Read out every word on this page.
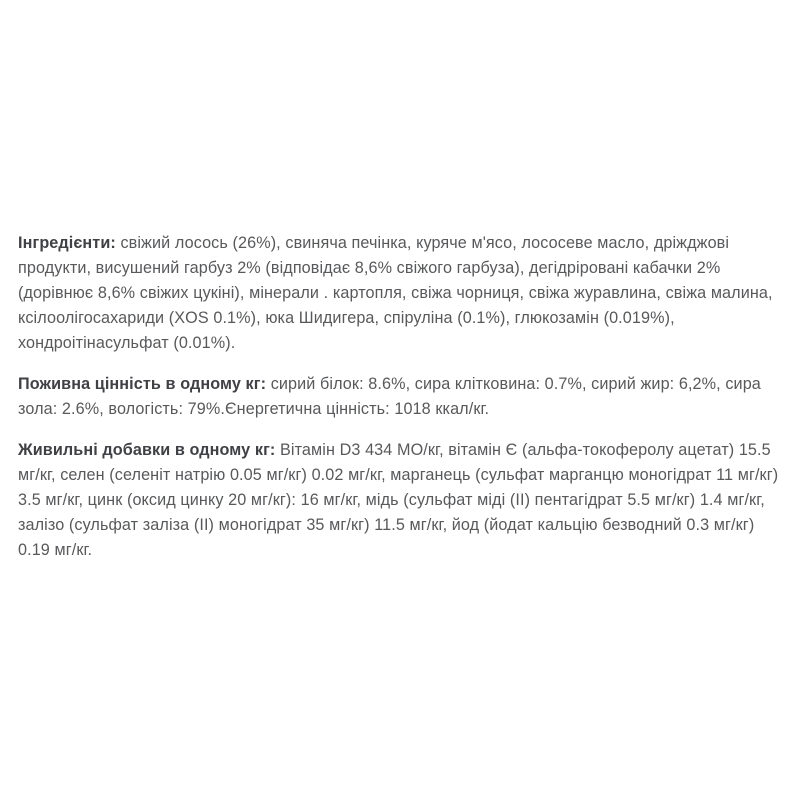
Інгредієнти: свіжий лосось (26%), свиняча печінка, куряче м'ясо, лососеве масло, дріжджові продукти, висушений гарбуз 2% (відповідає 8,6% свіжого гарбуза), дегідріровані кабачки 2% (дорівнює 8,6% свіжих цукіні), мінерали . картопля, свіжа чорниця, свіжа журавлина, свіжа малина, ксілоолігосахариди (XOS 0.1%), юка Шидигера, спіруліна (0.1%), глюкозамін (0.019%), хондроітінасульфат (0.01%).

Поживна цінність в одному кг: сирий білок: 8.6%, сира клітковина: 0.7%, сирий жир: 6,2%, сира зола: 2.6%, вологість: 79%.Єнергетична цінність: 1018 ккал/кг.

Живильні добавки в одному кг: Вітамін D3 434 МО/кг, вітамін Є (альфа-токоферолу ацетат) 15.5 мг/кг, селен (селеніт натрію 0.05 мг/кг) 0.02 мг/кг, марганець (сульфат марганцю моногідрат 11 мг/кг) 3.5 мг/кг, цинк (оксид цинку 20 мг/кг): 16 мг/кг, мідь (сульфат міді (II) пентагідрат 5.5 мг/кг) 1.4 мг/кг, залізо (сульфат заліза (II) моногідрат 35 мг/кг) 11.5 мг/кг, йод (йодат кальцію безводний 0.3 мг/кг) 0.19 мг/кг.
